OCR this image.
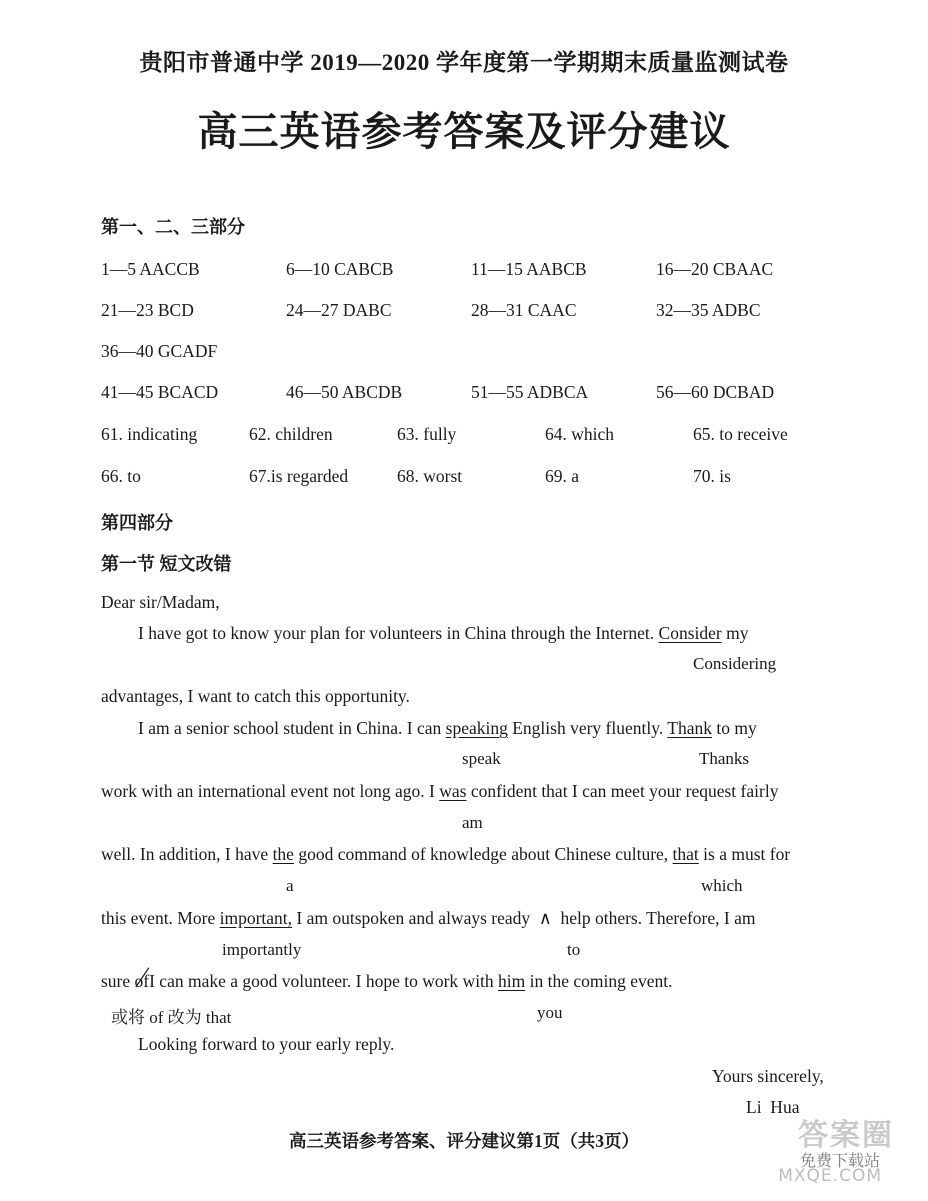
贵阳市普通中学 2019—2020 学年度第一学期期末质量监测试卷
高三英语参考答案及评分建议
第一、二、三部分
1—5 AACCB	6—10 CABCB	11—15 AABCB	16—20 CBAAC
21—23 BCD	24—27 DABC	28—31 CAAC	32—35 ADBC
36—40 GCADF
41—45 BCACD	46—50 ABCDB	51—55 ADBCA	56—60 DCBAD
61. indicating	62. children	63. fully	64. which	65. to receive
66. to	67.is regarded	68. worst	69. a	70. is
第四部分
第一节 短文改错
Dear sir/Madam,
I have got to know your plan for volunteers in China through the Internet. Consider my
Considering
advantages, I want to catch this opportunity.
I am a senior school student in China. I can speaking English very fluently. Thank to my
speak	Thanks
work with an international event not long ago. I was confident that I can meet your request fairly
am
well. In addition, I have the good command of knowledge about Chinese culture, that is a must for
a	which
this event. More important, I am outspoken and always ready ∧ help others. Therefore, I am
importantly	to
sure of
I can make a good volunteer. I hope to work with him in the coming event.
或将 of 改为 that	you
Looking forward to your early reply.
Yours sincerely,
Li  Hua
高三英语参考答案、评分建议第1页（共3页）	答案圈
免费下载站
MXQE.COM
